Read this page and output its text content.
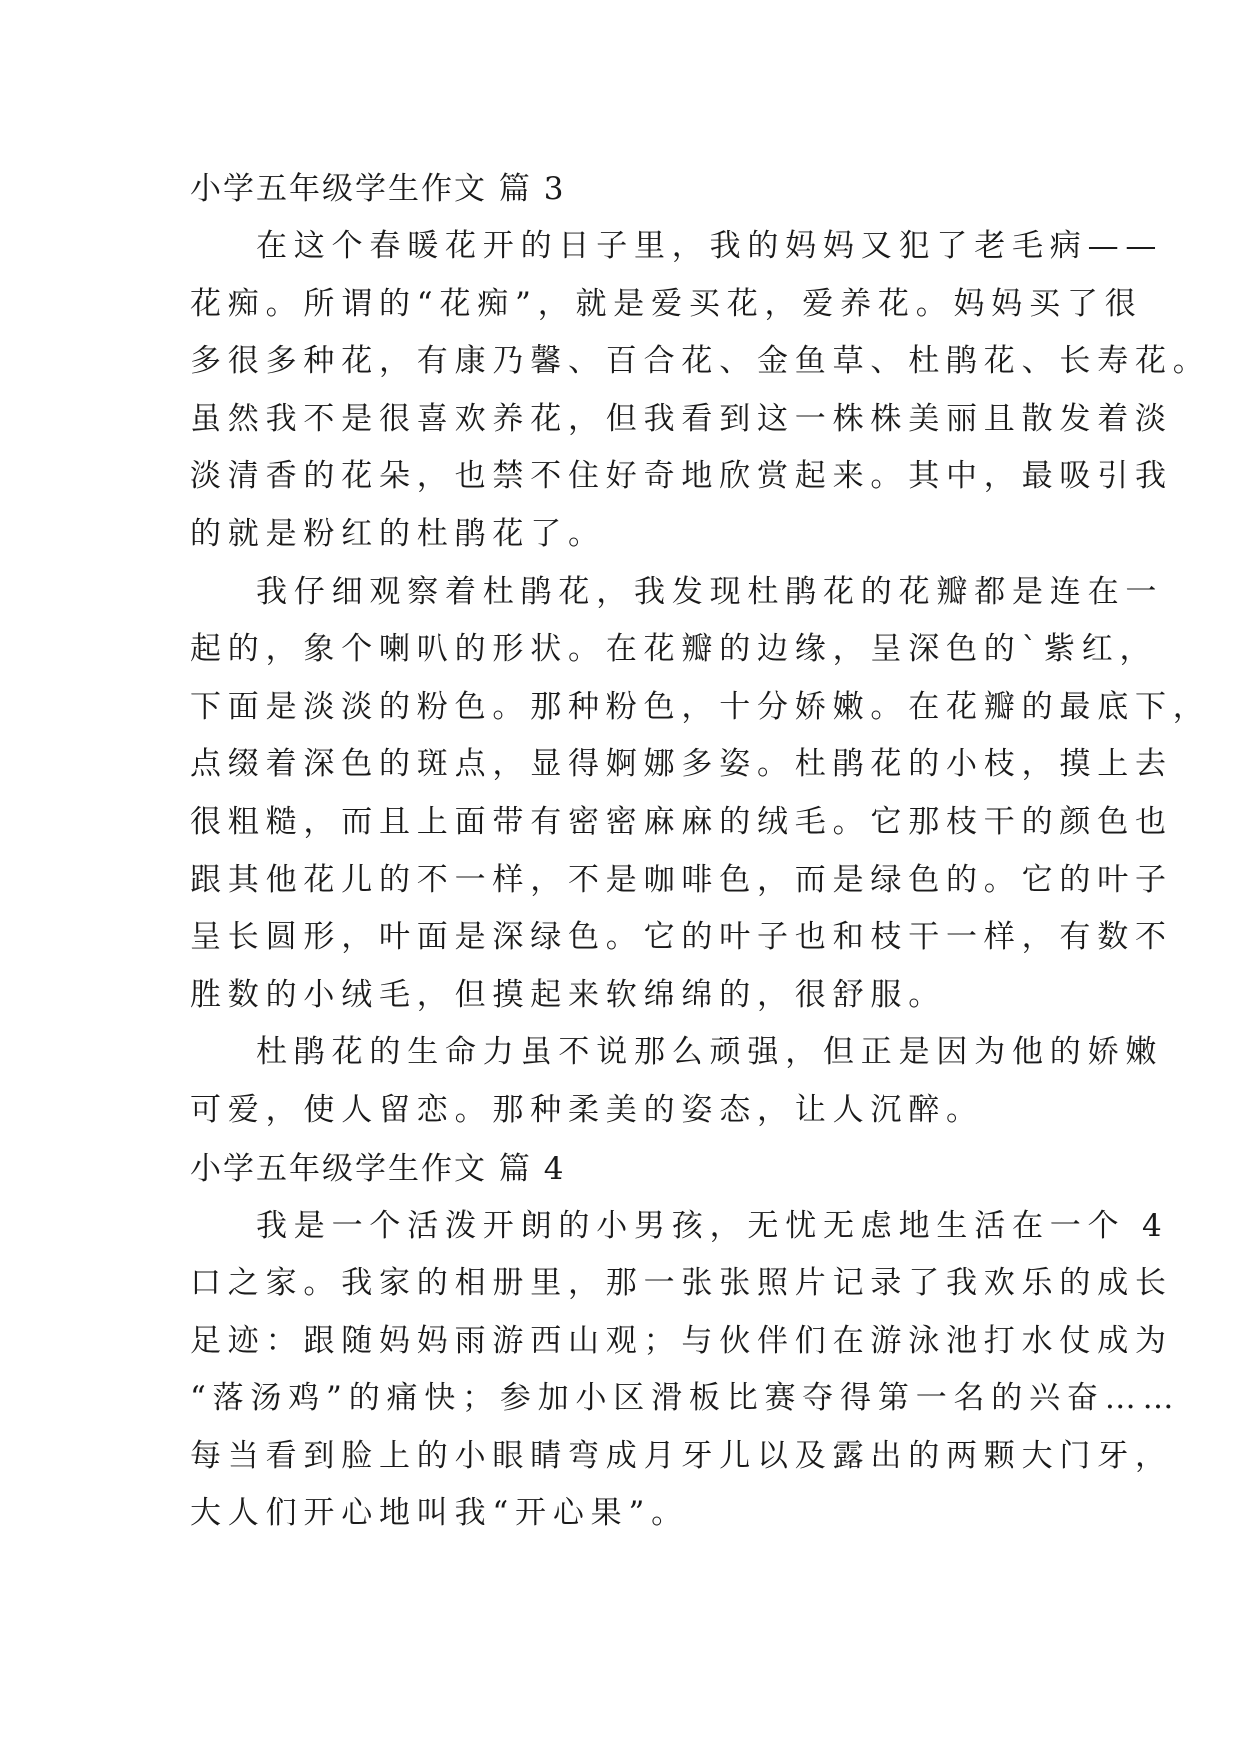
小学五年级学生作文 篇 3
在这个春暖花开的日子里，我的妈妈又犯了老毛病——
花痴。所谓的“花痴”，就是爱买花，爱养花。妈妈买了很
多很多种花，有康乃馨、百合花、金鱼草、杜鹃花、长寿花。
虽然我不是很喜欢养花，但我看到这一株株美丽且散发着淡
淡清香的花朵，也禁不住好奇地欣赏起来。其中，最吸引我
的就是粉红的杜鹃花了。
我仔细观察着杜鹃花，我发现杜鹃花的花瓣都是连在一
起的，象个喇叭的形状。在花瓣的边缘，呈深色的`紫红，
下面是淡淡的粉色。那种粉色，十分娇嫩。在花瓣的最底下，
点缀着深色的斑点，显得婀娜多姿。杜鹃花的小枝，摸上去
很粗糙，而且上面带有密密麻麻的绒毛。它那枝干的颜色也
跟其他花儿的不一样，不是咖啡色，而是绿色的。它的叶子
呈长圆形，叶面是深绿色。它的叶子也和枝干一样，有数不
胜数的小绒毛，但摸起来软绵绵的，很舒服。
杜鹃花的生命力虽不说那么顽强，但正是因为他的娇嫩
可爱，使人留恋。那种柔美的姿态，让人沉醉。
小学五年级学生作文 篇 4
我是一个活泼开朗的小男孩，无忧无虑地生活在一个 4
口之家。我家的相册里，那一张张照片记录了我欢乐的成长
足迹：跟随妈妈雨游西山观；与伙伴们在游泳池打水仗成为
“落汤鸡”的痛快；参加小区滑板比赛夺得第一名的兴奋……
每当看到脸上的小眼睛弯成月牙儿以及露出的两颗大门牙，
大人们开心地叫我“开心果”。
